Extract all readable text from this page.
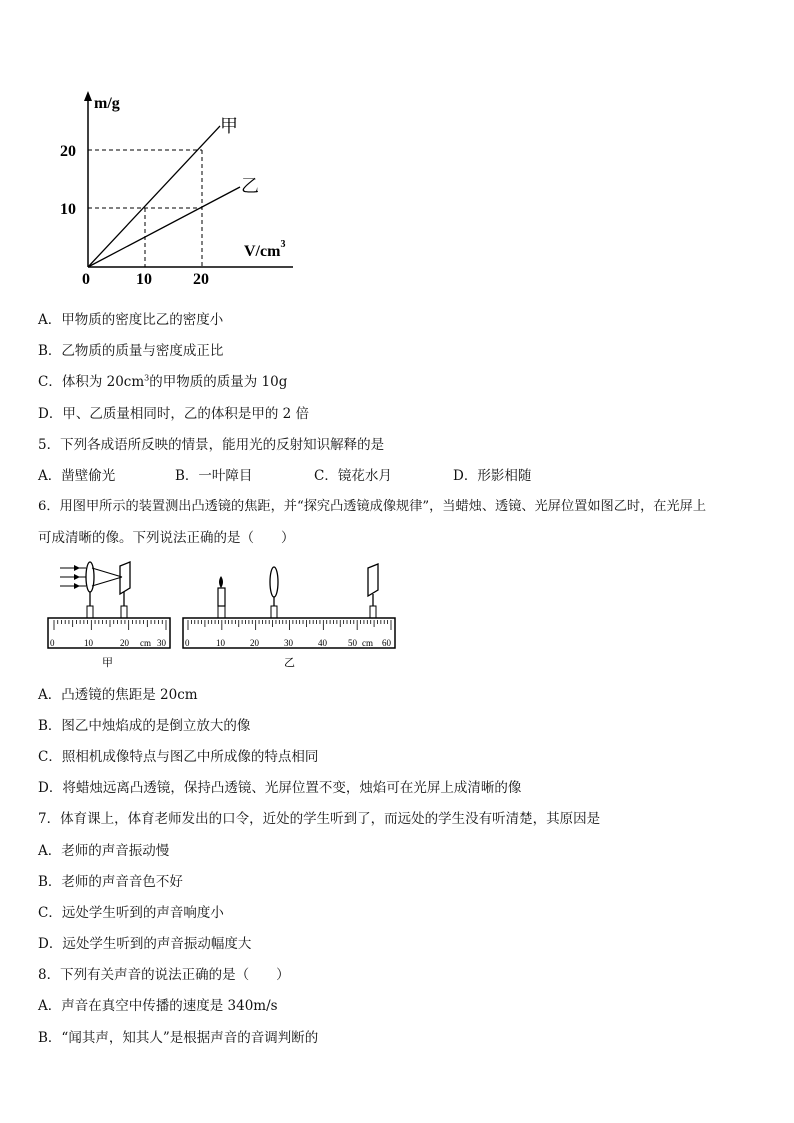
m/g
$V/cm^3$
0	10	20
20
10
甲
乙
A．甲物质的密度比乙的密度小
B．乙物质的质量与密度成正比
C．体积为 $20cm^3$的甲物质的质量为 10g
D．甲、乙质量相同时，乙的体积是甲的 2 倍
5．下列各成语所反映的情景，能用光的反射知识解释的是
A．凿壁偷光	B．一叶障目	C．镜花水月	D．形影相随
6．用图甲所示的装置测出凸透镜的焦距，并“探究凸透镜成像规律”，当蜡烛、透镜、光屏位置如图乙时，在光屏上
可成清晰的像。下列说法正确的是（　　）
0	10	20 cm 30
甲
0	10	20	30	40 50 cm 60
乙
A．凸透镜的焦距是 20cm
B．图乙中烛焰成的是倒立放大的像
C．照相机成像特点与图乙中所成像的特点相同
D．将蜡烛远离凸透镜，保持凸透镜、光屏位置不变，烛焰可在光屏上成清晰的像
7．体育课上，体育老师发出的口令，近处的学生听到了，而远处的学生没有听清楚，其原因是
A．老师的声音振动慢
B．老师的声音音色不好
C．远处学生听到的声音响度小
D．远处学生听到的声音振动幅度大
8．下列有关声音的说法正确的是（　　）
A．声音在真空中传播的速度是 340m/s
B．“闻其声，知其人”是根据声音的音调判断的
